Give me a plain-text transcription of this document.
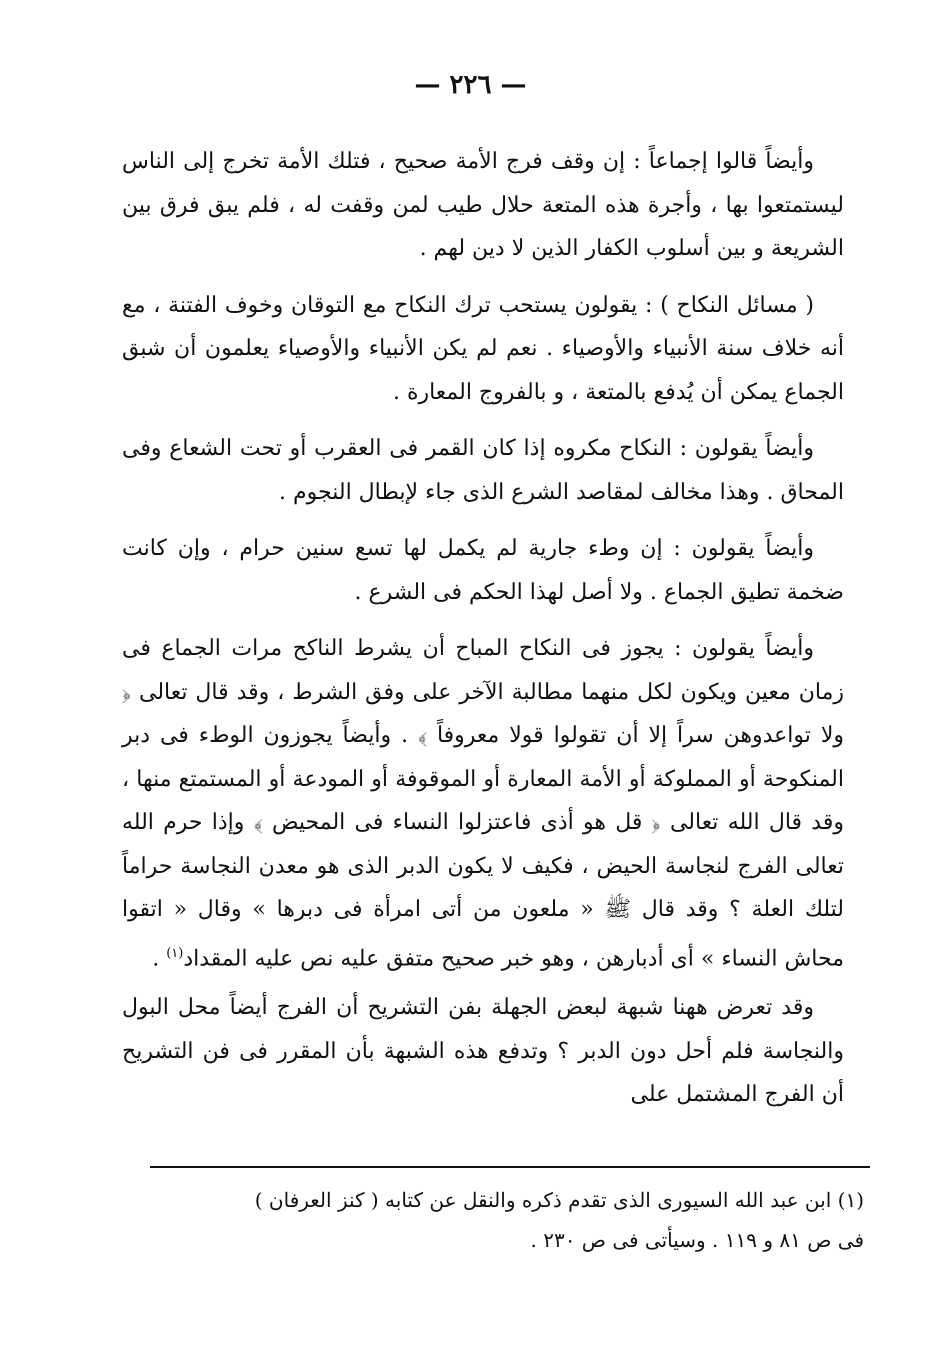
— ٢٢٦ —

وأيضاً قالوا إجماعاً : إن وقف فرج الأمة صحيح ، فتلك الأمة تخرج إلى الناس ليستمتعوا بها ، وأجرة هذه المتعة حلال طيب لمن وقفت له ، فلم يبق فرق بين الشريعة و بين أسلوب الكفار الذين لا دين لهم .

( مسائل النكاح ) : يقولون يستحب ترك النكاح مع التوقان وخوف الفتنة ، مع أنه خلاف سنة الأنبياء والأوصياء . نعم لم يكن الأنبياء والأوصياء يعلمون أن شبق الجماع يمكن أن يُدفع بالمتعة ، و بالفروج المعارة .

وأيضاً يقولون : النكاح مكروه إذا كان القمر فى العقرب أو تحت الشعاع وفى المحاق . وهذا مخالف لمقاصد الشرع الذى جاء لإبطال النجوم .

وأيضاً يقولون : إن وطء جارية لم يكمل لها تسع سنين حرام ، وإن كانت ضخمة تطيق الجماع . ولا أصل لهذا الحكم فى الشرع .

وأيضاً يقولون : يجوز فى النكاح المباح أن يشرط الناكح مرات الجماع فى زمان معين ويكون لكل منهما مطالبة الآخر على وفق الشرط ، وقد قال تعالى ﴿ ولا تواعدوهن سراً إلا أن تقولوا قولا معروفاً ﴾ . وأيضاً يجوزون الوطء فى دبر المنكوحة أو المملوكة أو الأمة المعارة أو الموقوفة أو المودعة أو المستمتع منها ، وقد قال الله تعالى ﴿ قل هو أذى فاعتزلوا النساء فى المحيض ﴾ وإذا حرم الله تعالى الفرج لنجاسة الحيض ، فكيف لا يكون الدبر الذى هو معدن النجاسة حراماً لتلك العلة ؟ وقد قال ﷺ « ملعون من أتى امرأة فى دبرها » وقال « اتقوا محاش النساء » أى أدبارهن ، وهو خبر صحيح متفق عليه نص عليه المقداد$^{(١)}$ .

وقد تعرض ههنا شبهة لبعض الجهلة بفن التشريح أن الفرج أيضاً محل البول والنجاسة فلم أحل دون الدبر ؟ وتدفع هذه الشبهة بأن المقرر فى فن التشريح أن الفرج المشتمل على

(١) ابن عبد الله السيورى الذى تقدم ذكره والنقل عن كتابه ( كنز العرفان )

فى ص ٨١ و ١١٩ . وسيأتى فى ص ٢٣٠ .
